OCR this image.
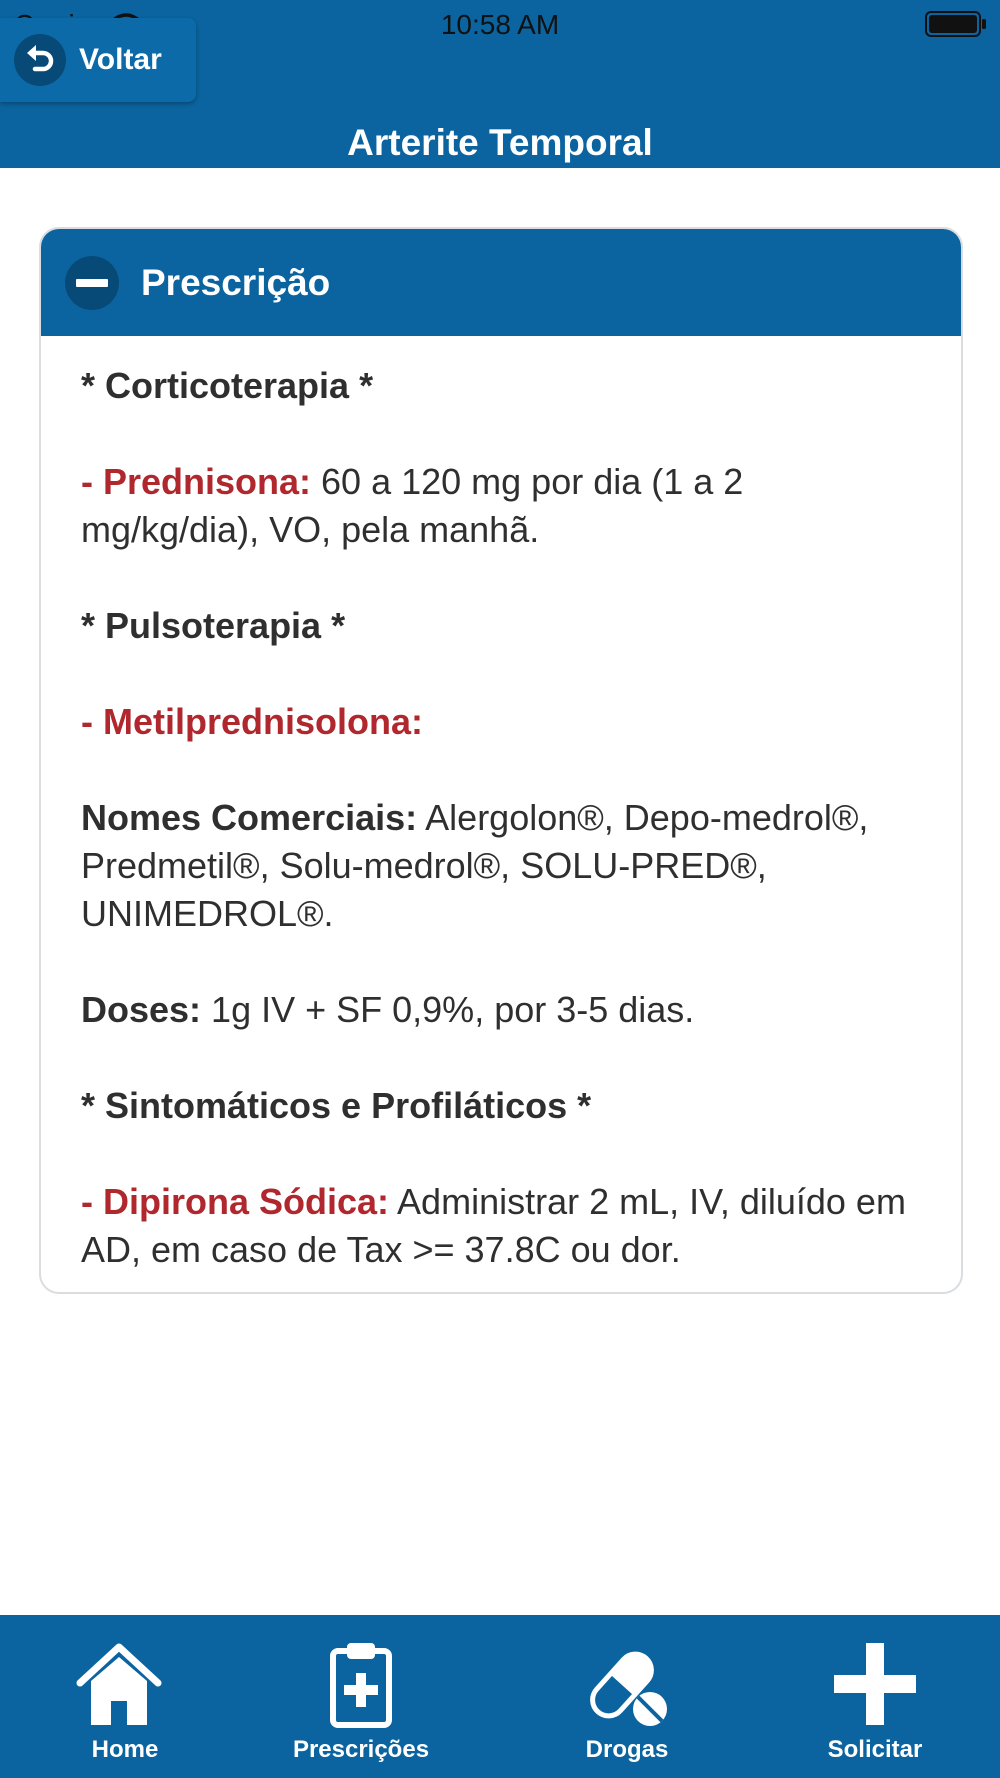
10:58 AM
Voltar
Arterite Temporal
Prescrição

* Corticoterapia *

- Prednisona: 60 a 120 mg por dia (1 a 2 mg/kg/dia), VO, pela manhã.

* Pulsoterapia *

- Metilprednisolona:

Nomes Comerciais: Alergolon®, Depo-medrol®, Predmetil®, Solu-medrol®, SOLU-PRED®, UNIMEDROL®.

Doses: 1g IV + SF 0,9%, por 3-5 dias.

* Sintomáticos e Profiláticos *

- Dipirona Sódica: Administrar 2 mL, IV, diluído em AD, em caso de Tax >= 37.8C ou dor.

Home	Prescrições	Drogas	Solicitar
